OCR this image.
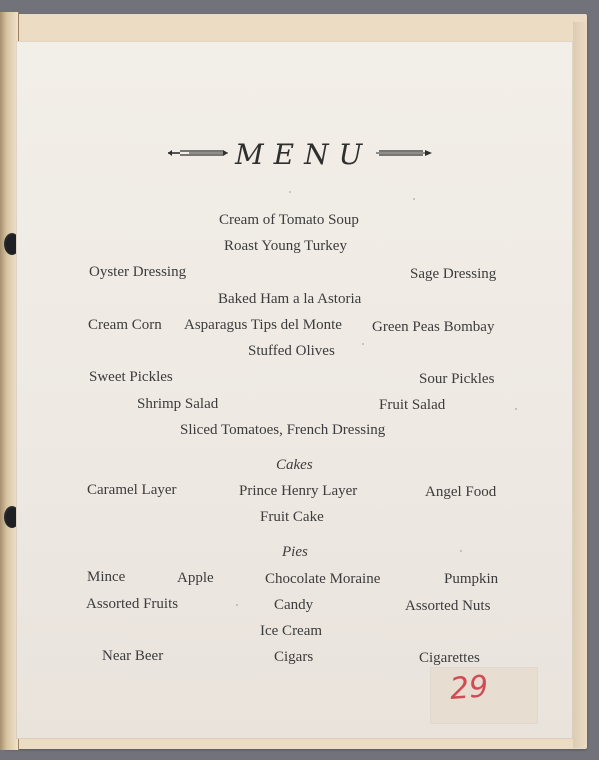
MENU
Cream of Tomato Soup
Roast Young Turkey
Oyster Dressing	Sage Dressing
Baked Ham a la Astoria
Cream Corn Asparagus Tips del Monte Green Peas Bombay
Stuffed Olives
Sweet Pickles	Sour Pickles
Shrimp Salad	Fruit Salad
Sliced Tomatoes, French Dressing
Cakes
Caramel Layer	Prince Henry Layer	Angel Food
Fruit Cake
Pies
Mince	Apple	Chocolate Moraine	Pumpkin
Assorted Fruits	Candy	Assorted Nuts
Ice Cream
Near Beer	Cigars	Cigarettes
29
